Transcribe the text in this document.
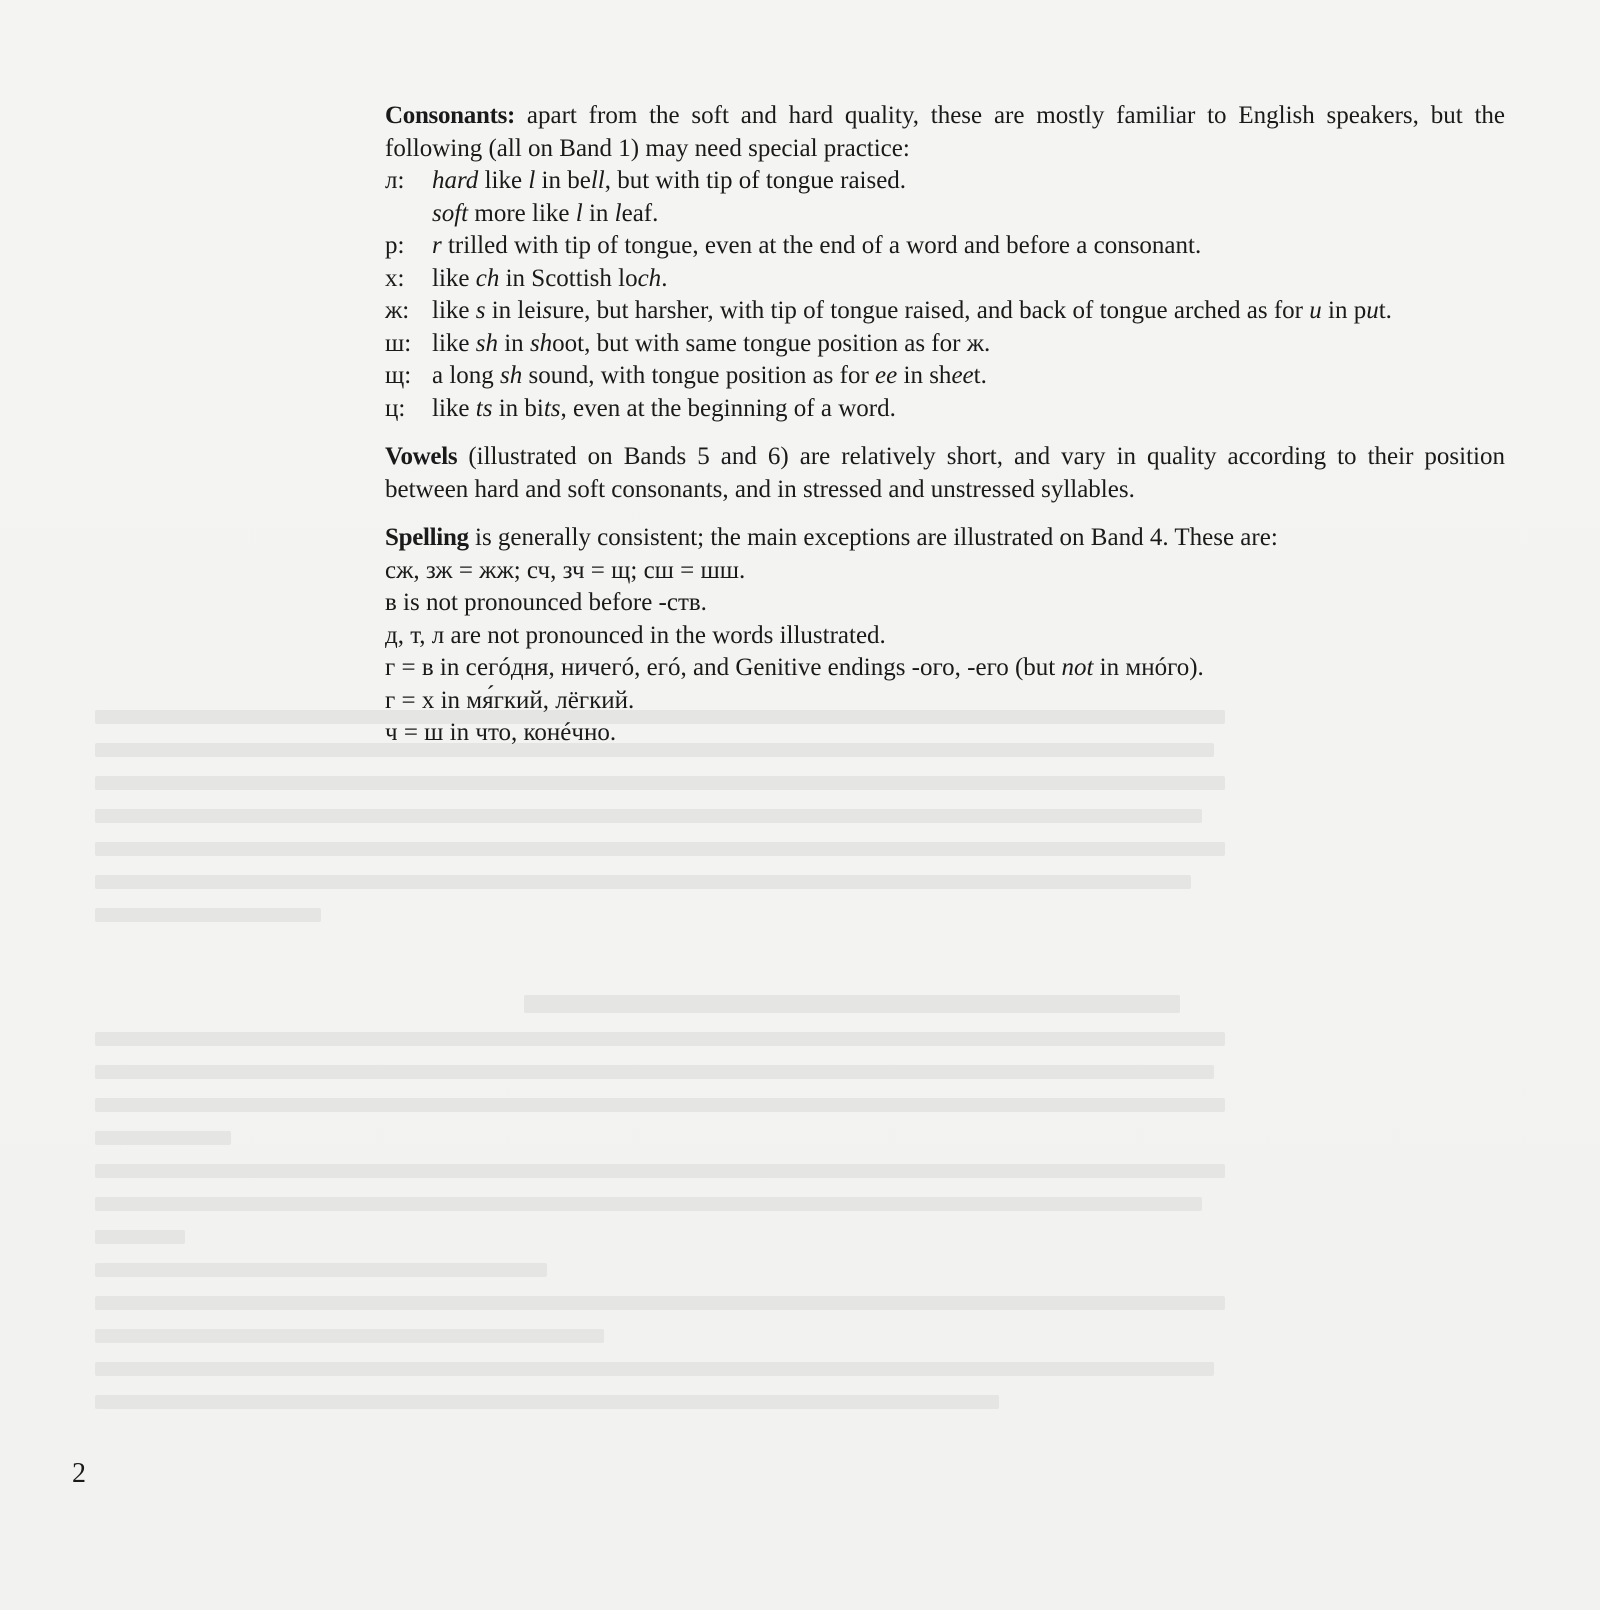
Consonants: apart from the soft and hard quality, these are mostly familiar to English speakers, but the following (all on Band 1) may need special practice:

л:	hard like l in bell, but with tip of tongue raised.

soft more like l in leaf.

р:	r trilled with tip of tongue, even at the end of a word and before a consonant.
х:	like ch in Scottish loch.
ж: like s in leisure, but harsher, with tip of tongue raised, and back of tongue arched as for u in put.
ш: like sh in shoot, but with same tongue position as for ж.
щ: a long sh sound, with tongue position as for ee in sheet.
ц:	like ts in bits, even at the beginning of a word.

Vowels (illustrated on Bands 5 and 6) are relatively short, and vary in quality according to their position between hard and soft consonants, and in stressed and unstressed syllables.

Spelling is generally consistent; the main exceptions are illustrated on Band 4. These are:

сж, зж = жж; сч, зч = щ; сш = шш.

в is not pronounced before -ств.

д, т, л are not pronounced in the words illustrated.

г = в in сегóдня, ничегó, егó, and Genitive endings -ого, -его (but not in мнóго).

г = х in мя́гкий, лёгкий.

ч = ш in что, конéчно.

2
